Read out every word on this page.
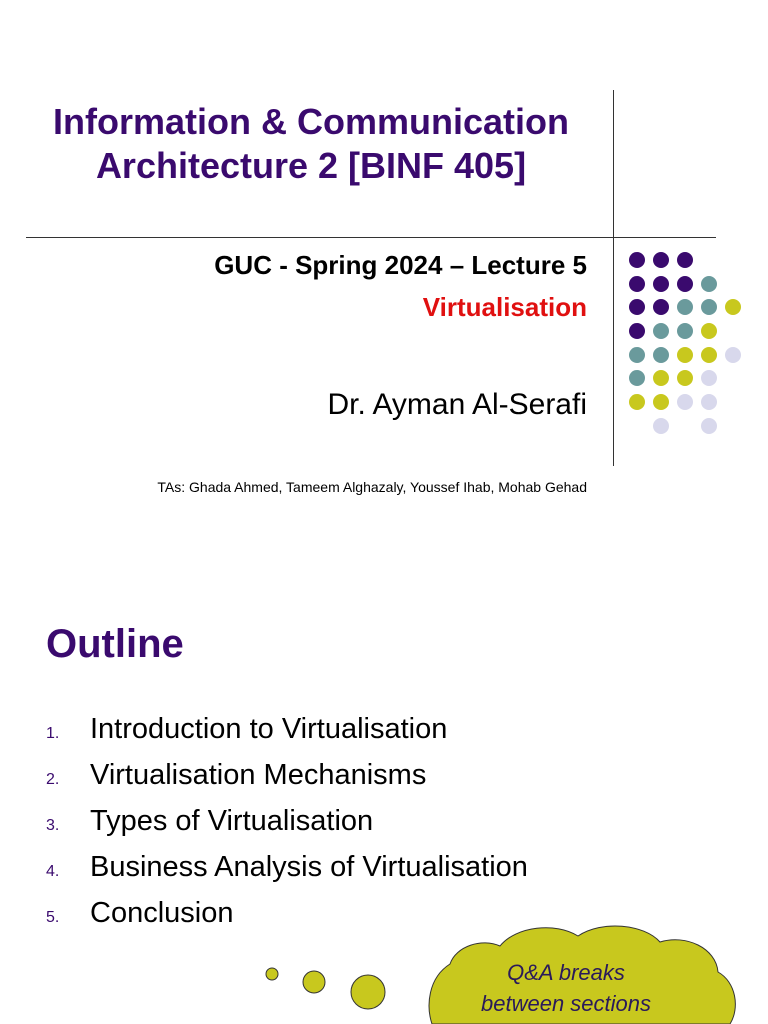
Information & Communication
Architecture 2 [BINF 405]
GUC - Spring 2024 – Lecture 5
Virtualisation
Dr. Ayman Al-Serafi
TAs: Ghada Ahmed, Tameem Alghazaly, Youssef Ihab, Mohab Gehad
Outline
1.	Introduction to Virtualisation
2.	Virtualisation Mechanisms
3.	Types of Virtualisation
4.	Business Analysis of Virtualisation
5.	Conclusion
Q&A breaks
between sections
